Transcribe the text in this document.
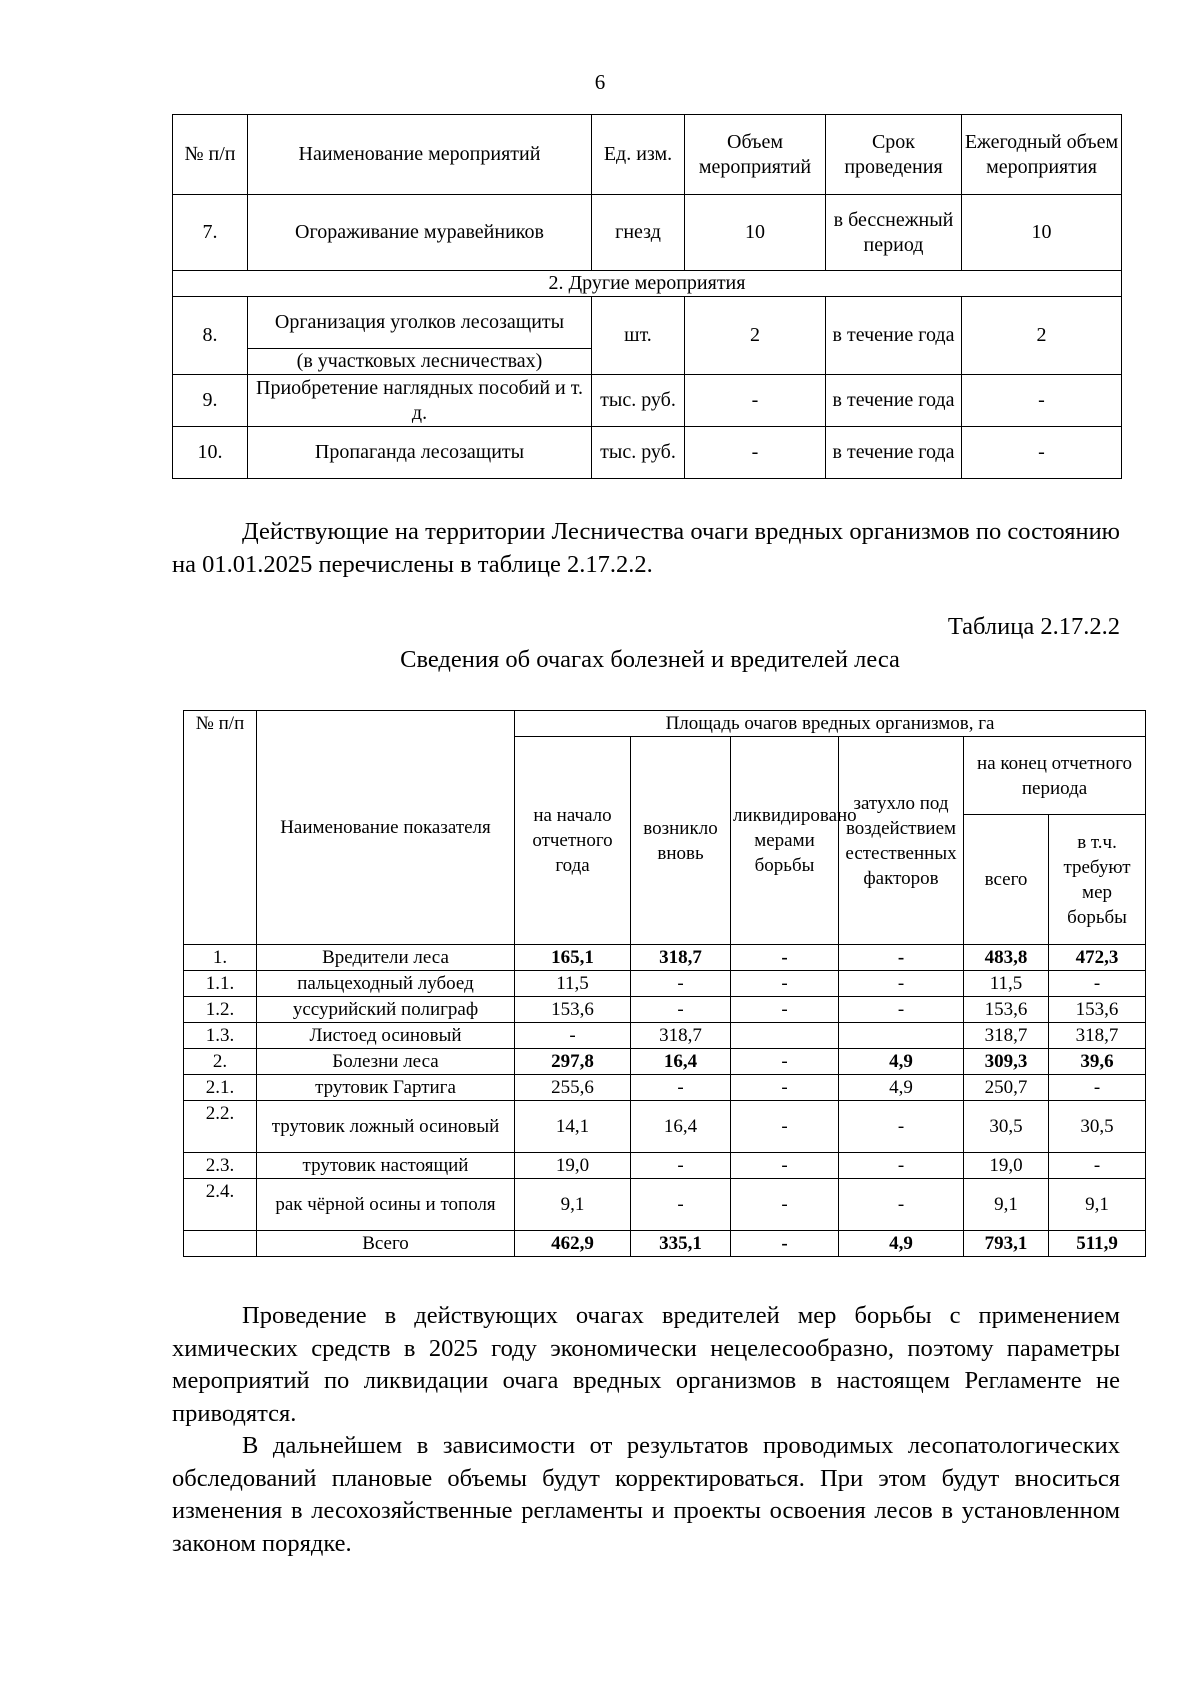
6
№ п/п	Наименование мероприятий	Ед. изм.	Объем мероприятий	Срок проведения	Ежегодный объем мероприятия
7.	Огораживание муравейников	гнезд	10	в бесснежный период	10
2. Другие мероприятия					
8.	Организация уголков лесозащиты	шт.	2	в течение года	2
	(в участковых лесничествах)				
9.	Приобретение наглядных пособий и т. д.	тыс. руб.	-	в течение года	-
10.	Пропаганда лесозащиты	тыс. руб.	-	в течение года	-
Действующие на территории Лесничества очаги вредных организмов по состоянию на 01.01.2025 перечислены в таблице 2.17.2.2.
Таблица 2.17.2.2
Сведения об очагах болезней и вредителей леса
№ п/п	Наименование показателя	Площадь очагов вредных организмов, га					
		на начало отчетного года	возникло вновь	ликвидировано мерами борьбы	затухло под воздействием естественных факторов	на конец отчетного периода	
						всего	в т.ч. требуют мер борьбы
1.	Вредители леса	165,1	318,7	-	-	483,8	472,3
1.1.	пальцеходный лубоед	11,5	-	-	-	11,5	-
1.2.	уссурийский полиграф	153,6	-	-	-	153,6	153,6
1.3.	Листоед осиновый	-	318,7			318,7	318,7
2.	Болезни леса	297,8	16,4	-	4,9	309,3	39,6
2.1.	трутовик Гартига	255,6	-	-	4,9	250,7	-
2.2.	трутовик ложный осиновый	14,1	16,4	-	-	30,5	30,5
2.3.	трутовик настоящий	19,0	-	-	-	19,0	-
2.4.	рак чёрной осины и тополя	9,1	-	-	-	9,1	9,1
	Всего	462,9	335,1	-	4,9	793,1	511,9
Проведение в действующих очагах вредителей мер борьбы с применением химических средств в 2025 году экономически нецелесообразно, поэтому параметры мероприятий по ликвидации очага вредных организмов в настоящем Регламенте не приводятся.
В дальнейшем в зависимости от результатов проводимых лесопатологических обследований плановые объемы будут корректироваться. При этом будут вноситься изменения в лесохозяйственные регламенты и проекты освоения лесов в установленном законом порядке.
